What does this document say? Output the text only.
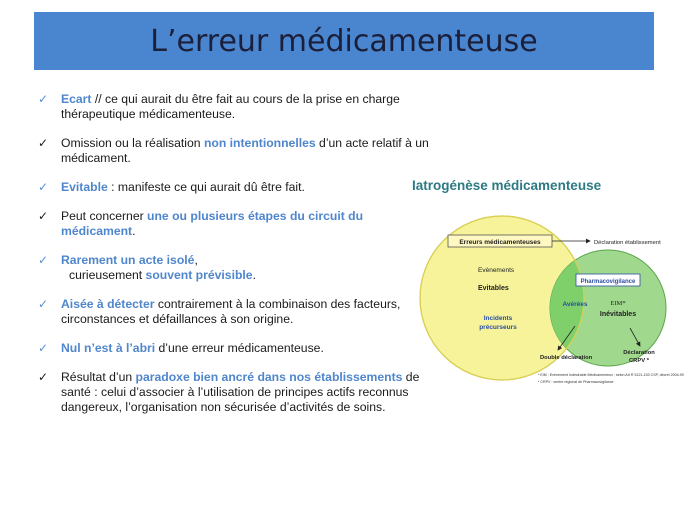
L’erreur médicamenteuse
✓ Ecart // ce qui aurait du être fait au cours de la prise en charge thérapeutique médicamenteuse.
✓ Omission ou la réalisation non intentionnelles d’un acte relatif à un médicament.
✓ Evitable : manifeste ce qui aurait dû être fait.
✓ Peut concerner une ou plusieurs étapes du circuit du médicament.
✓ Rarement un acte isolé,
curieusement souvent prévisible.
✓ Aisée à détecter contrairement à la combinaison des facteurs, circonstances et défaillances à son origine.
✓ Nul n’est à l’abri d’une erreur médicamenteuse.
✓ Résultat d’un paradoxe bien ancré dans nos établissements de santé : celui d’associer à l’utilisation de principes actifs reconnus dangereux, l’organisation non sécurisée d’activités de soins.
Iatrogénèse médicamenteuse
Erreurs médicamenteuses	Déclaration établissement
Evènements
Evitables
Incidents
précurseurs
Pharmacovigilance
Avérées	EIM*
Inévitables
Double déclaration
Déclaration
CRPV *
* EIM : Evènement Indésirable Médicamenteux ; selon Art R 5121-153 CSP, décret 2004-99
* CRPV : centre régional de Pharmacovigilance
